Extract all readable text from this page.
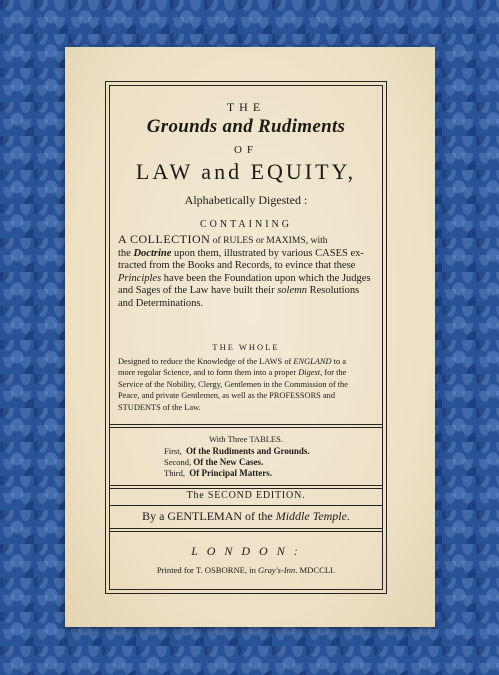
THE
Grounds and Rudiments
OF
LAW and EQUITY,
Alphabetically Digested :
CONTAINING
A COLLECTION of RULES or MAXIMS, with
the Doctrine upon them, illustrated by various CASES ex-
tracted from the Books and Records, to evince that these
Principles have been the Foundation upon which the Judges
and Sages of the Law have built their solemn Resolutions
and Determinations.
THE WHOLE
Designed to reduce the Knowledge of the LAWS of ENGLAND to a
more regular Science, and to form them into a proper Digest, for the
Service of the Nobility, Clergy, Gentlemen in the Commission of the
Peace, and private Gentlemen, as well as the PROFESSORS and
STUDENTS of the Law.
With Three TABLES.
First, Of the Rudiments and Grounds.
Second, Of the New Cases.
Third, Of Principal Matters.
The SECOND EDITION.
By a GENTLEMAN of the Middle Temple.
L O N D O N :
Printed for T. OSBORNE, in Gray's-Inn. MDCCLI.
